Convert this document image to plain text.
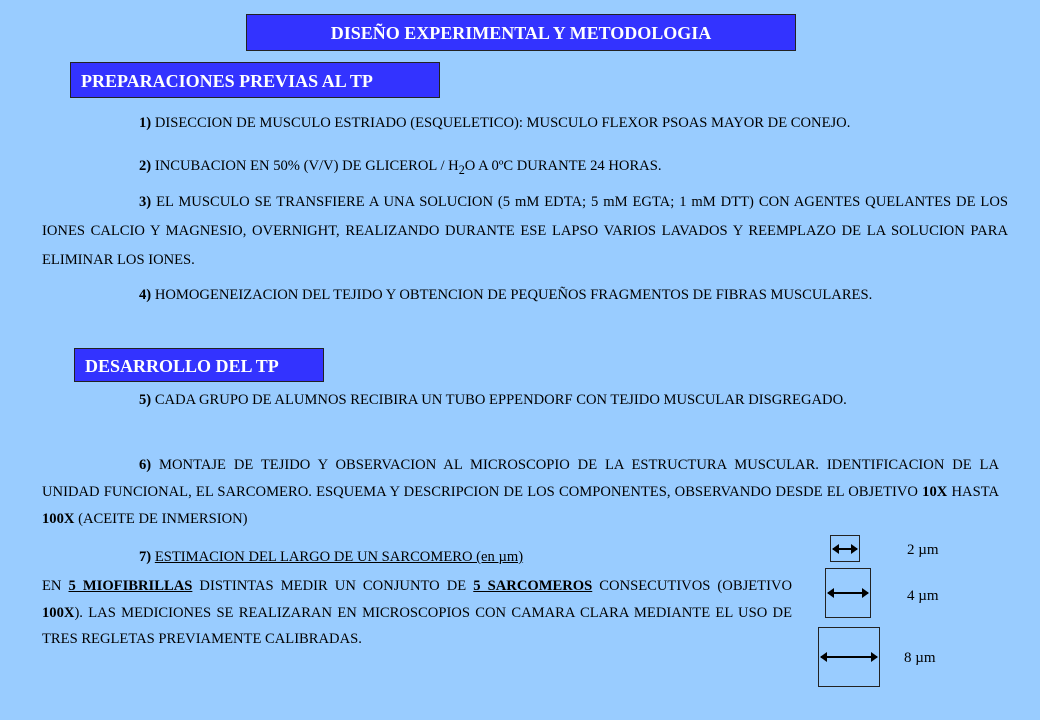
DISEÑO EXPERIMENTAL Y METODOLOGIA
PREPARACIONES PREVIAS AL TP
1) DISECCION DE MUSCULO ESTRIADO (ESQUELETICO): MUSCULO FLEXOR PSOAS MAYOR DE CONEJO.
2) INCUBACION EN 50% (V/V) DE GLICEROL / $H_2O$ A 0ºC DURANTE 24 HORAS.
3) EL MUSCULO SE TRANSFIERE A UNA SOLUCION (5 mM EDTA; 5 mM EGTA; 1 mM DTT) CON AGENTES QUELANTES DE LOS IONES CALCIO Y MAGNESIO, OVERNIGHT, REALIZANDO DURANTE ESE LAPSO VARIOS LAVADOS Y REEMPLAZO DE LA SOLUCION PARA ELIMINAR LOS IONES.
4) HOMOGENEIZACION DEL TEJIDO Y OBTENCION DE PEQUEÑOS FRAGMENTOS DE FIBRAS MUSCULARES.
DESARROLLO DEL TP
5) CADA GRUPO DE ALUMNOS RECIBIRA UN TUBO EPPENDORF CON TEJIDO MUSCULAR DISGREGADO.
6) MONTAJE DE TEJIDO Y OBSERVACION AL MICROSCOPIO DE LA ESTRUCTURA MUSCULAR. IDENTIFICACION DE LA UNIDAD FUNCIONAL, EL SARCOMERO. ESQUEMA Y DESCRIPCION DE LOS COMPONENTES, OBSERVANDO DESDE EL OBJETIVO 10X HASTA 100X (ACEITE DE INMERSION)
7) ESTIMACION DEL LARGO DE UN SARCOMERO (en µm)
EN 5 MIOFIBRILLAS DISTINTAS MEDIR UN CONJUNTO DE 5 SARCOMEROS CONSECUTIVOS (OBJETIVO 100X). LAS MEDICIONES SE REALIZARAN EN MICROSCOPIOS CON CAMARA CLARA MEDIANTE EL USO DE TRES REGLETAS PREVIAMENTE CALIBRADAS.
2 µm
4 µm
8 µm
